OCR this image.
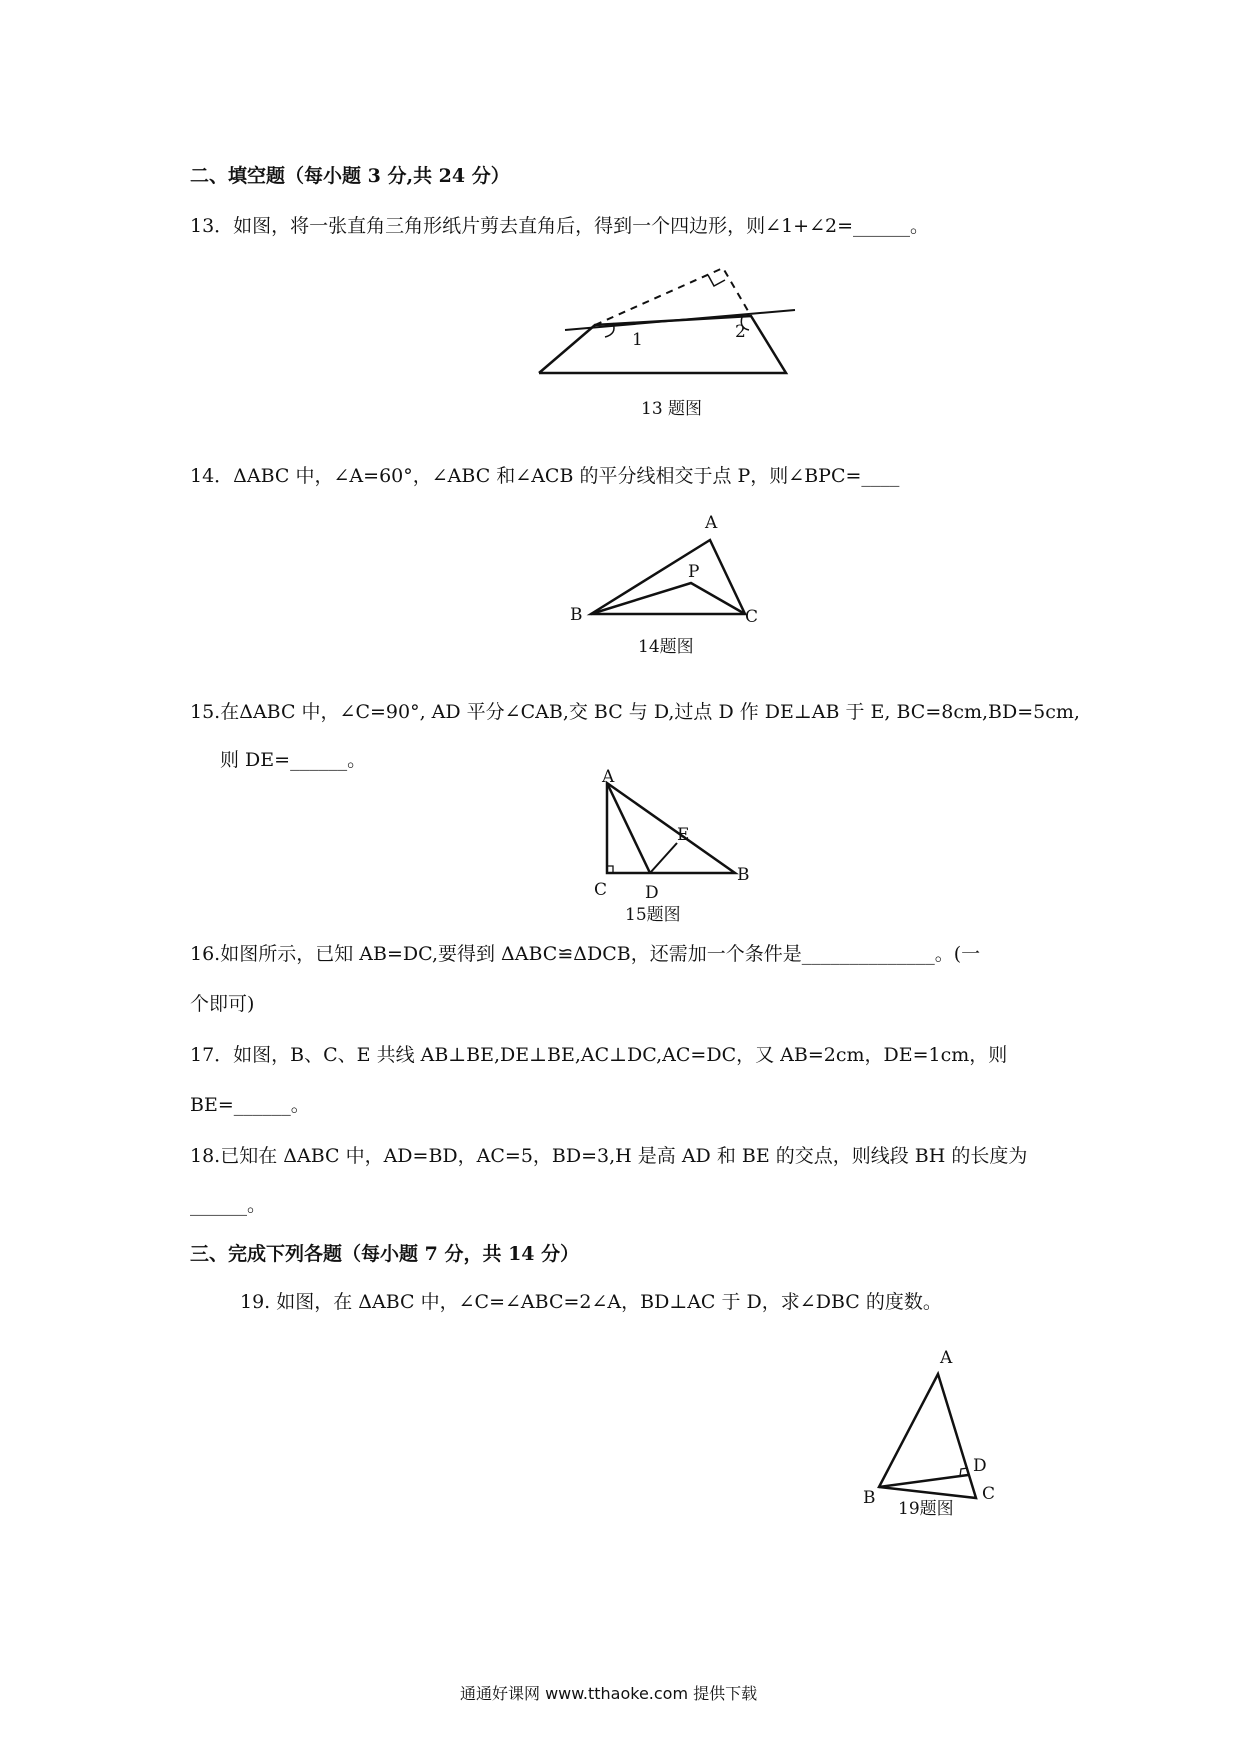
二、填空题（每小题 3 分,共 24 分）
13．如图，将一张直角三角形纸片剪去直角后，得到一个四边形，则∠1+∠2=______。
1	2
13 题图
14．ΔABC 中，∠A=60°，∠ABC 和∠ACB 的平分线相交于点 P，则∠BPC=____
A
P
B	C
14题图
15.在ΔABC 中，∠C=90°, AD 平分∠CAB,交 BC 与 D,过点 D 作 DE⊥AB 于 E, BC=8cm,BD=5cm,
则 DE=______。
A
E
B
C D
15题图
16.如图所示，已知 AB=DC,要得到 ΔABC≌ΔDCB，还需加一个条件是______________。(一
个即可)
17．如图，B、C、E 共线 AB⊥BE,DE⊥BE,AC⊥DC,AC=DC，又 AB=2cm，DE=1cm，则
BE=______。
18.已知在 ΔABC 中，AD=BD，AC=5，BD=3,H 是高 AD 和 BE 的交点，则线段 BH 的长度为
______。
三、完成下列各题（每小题 7 分，共 14 分）
19. 如图，在 ΔABC 中，∠C=∠ABC=2∠A，BD⊥AC 于 D，求∠DBC 的度数。
A
D
B	C
19题图
通通好课网 www.tthaoke.com 提供下载
